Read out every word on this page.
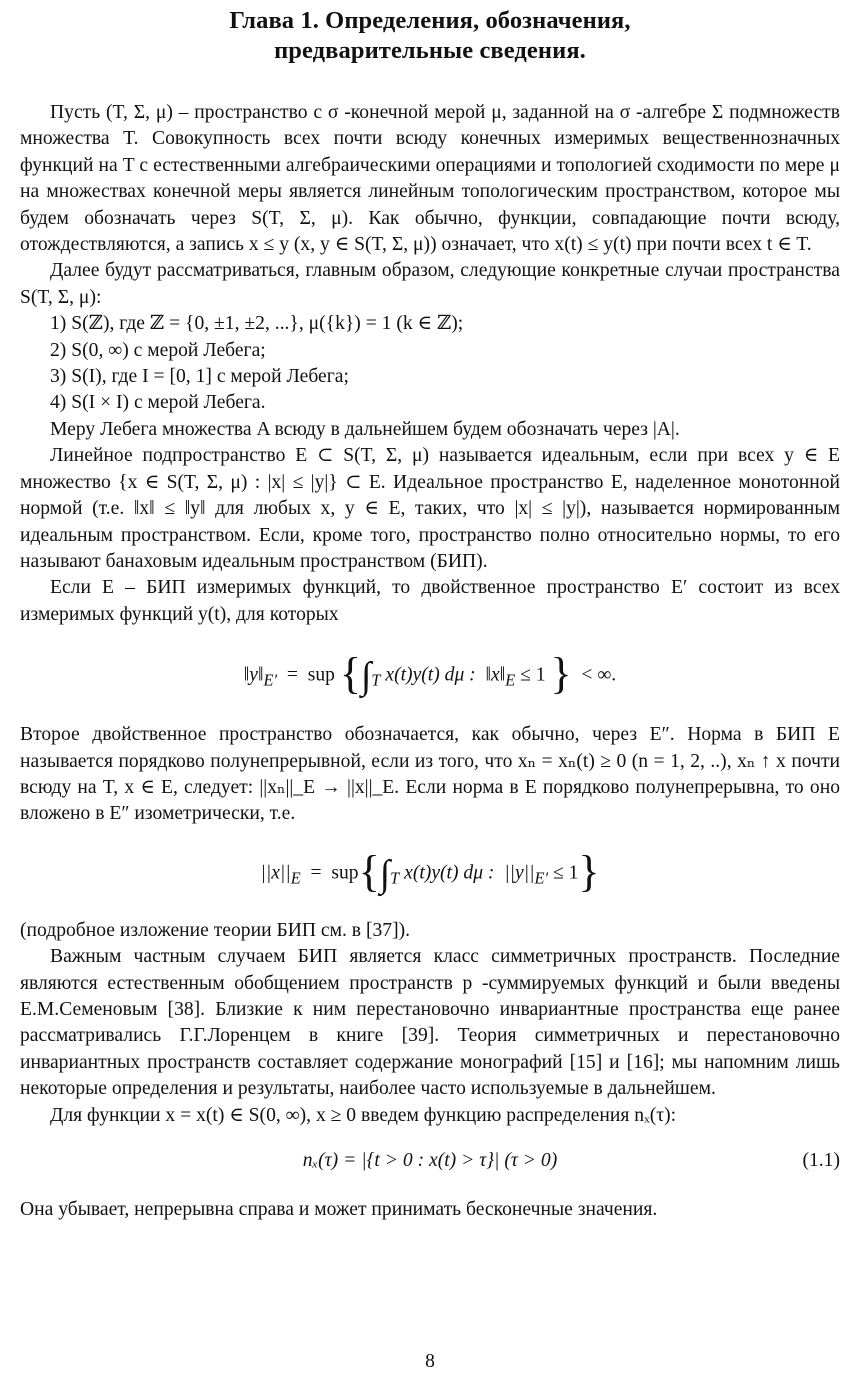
Глава 1. Определения, обозначения,
предварительные сведения.

Пусть (T, Σ, μ) – пространство с σ -конечной мерой μ, заданной на σ -алгебре Σ подмножеств множества T. Совокупность всех почти всюду конечных измеримых вещественнозначных функций на T с естественными алгебраическими операциями и топологией сходимости по мере μ на множествах конечной меры является линейным топологическим пространством, которое мы будем обозначать через S(T, Σ, μ). Как обычно, функции, совпадающие почти всюду, отождествляются, а запись x ≤ y (x, y ∈ S(T, Σ, μ)) означает, что x(t) ≤ y(t) при почти всех t ∈ T.

Далее будут рассматриваться, главным образом, следующие конкретные случаи пространства S(T, Σ, μ):

1) S(ℤ), где ℤ = {0, ±1, ±2, ...}, μ({k}) = 1 (k ∈ ℤ);

2) S(0, ∞) с мерой Лебега;

3) S(I), где I = [0, 1] с мерой Лебега;

4) S(I × I) с мерой Лебега.

Меру Лебега множества A всюду в дальнейшем будем обозначать через |A|.

Линейное подпространство E ⊂ S(T, Σ, μ) называется идеальным, если при всех y ∈ E множество {x ∈ S(T, Σ, μ) : |x| ≤ |y|} ⊂ E. Идеальное пространство E, наделенное монотонной нормой (т.е. ‖x‖ ≤ ‖y‖ для любых x, y ∈ E, таких, что |x| ≤ |y|), называется нормированным идеальным пространством. Если, кроме того, пространство полно относительно нормы, то его называют банаховым идеальным пространством (БИП).

Если E – БИП измеримых функций, то двойственное пространство E′ состоит из всех измеримых функций y(t), для которых

$‖y‖_{E'}$ = sup {$\int_T$ x(t)y(t) dμ : $‖x‖_E \le 1$ } < ∞.

Второе двойственное пространство обозначается, как обычно, через E″. Норма в БИП E называется порядково полунепрерывной, если из того, что xₙ = xₙ(t) ≥ 0 (n = 1, 2, ..), xₙ ↑ x почти всюду на T, x ∈ E, следует: ||xₙ||_E → ||x||_E. Если норма в E порядково полунепрерывна, то оно вложено в E″ изометрически, т.е.

$||x||_E = sup\{\int_T$ x(t)y(t) dμ : $||y||_{E'} \le 1$}

(подробное изложение теории БИП см. в [37]).

Важным частным случаем БИП является класс симметричных пространств. Последние являются естественным обобщением пространств p -суммируемых функций и были введены Е.М.Семеновым [38]. Близкие к ним перестановочно инвариантные пространства еще ранее рассматривались Г.Г.Лоренцем в книге [39]. Теория симметричных и перестановочно инвариантных пространств составляет содержание монографий [15] и [16]; мы напомним лишь некоторые определения и результаты, наиболее часто используемые в дальнейшем.

Для функции x = x(t) ∈ S(0, ∞), x ≥ 0 введем функцию распределения nₓ(τ):

nₓ(τ) = |{t > 0 : x(t) > τ}| (τ > 0)	(1.1)

Она убывает, непрерывна справа и может принимать бесконечные значения.

8
